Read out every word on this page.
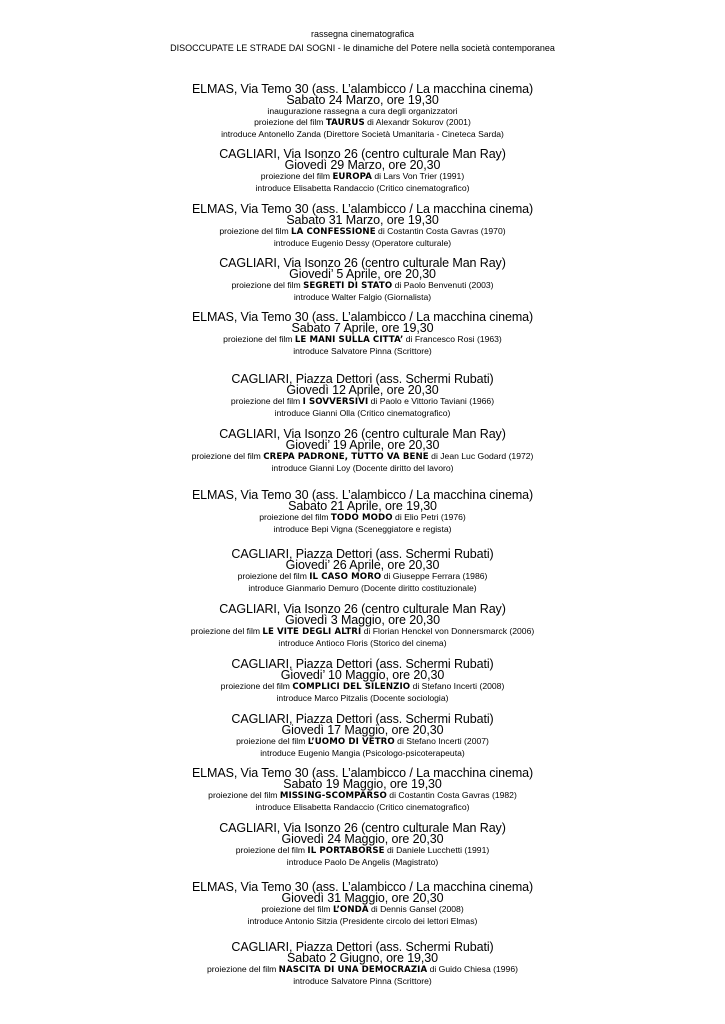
rassegna cinematografica
DISOCCUPATE LE STRADE DAI SOGNI - le dinamiche del Potere nella società contemporanea
ELMAS, Via Temo 30 (ass. L’alambicco / La macchina cinema)
Sabato 24 Marzo, ore 19,30
inaugurazione rassegna a cura degli organizzatori
proiezione del film TAURUS di Alexandr Sokurov (2001)
introduce Antonello Zanda (Direttore Società Umanitaria - Cineteca Sarda)
CAGLIARI, Via Isonzo 26 (centro culturale Man Ray)
Giovedì 29 Marzo, ore 20,30
proiezione del film EUROPA di Lars Von Trier (1991)
introduce Elisabetta Randaccio (Critico cinematografico)
ELMAS, Via Temo 30 (ass. L’alambicco / La macchina cinema)
Sabato 31 Marzo, ore 19,30
proiezione del film LA CONFESSIONE di Costantin Costa Gavras (1970)
introduce Eugenio Dessy (Operatore culturale)
CAGLIARI, Via Isonzo 26 (centro culturale Man Ray)
Giovedi’ 5 Aprile, ore 20,30
proiezione del film SEGRETI DI STATO di Paolo Benvenuti (2003)
introduce Walter Falgio (Giornalista)
ELMAS, Via Temo 30 (ass. L’alambicco / La macchina cinema)
Sabato 7 Aprile, ore 19,30
proiezione del film LE MANI SULLA CITTA’ di Francesco Rosi (1963)
introduce Salvatore Pinna (Scrittore)
CAGLIARI, Piazza Dettori (ass. Schermi Rubati)
Giovedì 12 Aprile, ore 20,30
proiezione del film I SOVVERSIVI di Paolo e Vittorio Taviani (1966)
introduce Gianni Olla (Critico cinematografico)
CAGLIARI, Via Isonzo 26 (centro culturale Man Ray)
Giovedi’ 19 Aprile, ore 20,30
proiezione del film CREPA PADRONE, TUTTO VA BENE di Jean Luc Godard (1972)
introduce Gianni Loy (Docente diritto del lavoro)
ELMAS, Via Temo 30 (ass. L’alambicco / La macchina cinema)
Sabato 21 Aprile, ore 19,30
proiezione del film TODO MODO di Elio Petri (1976)
introduce Bepi Vigna (Sceneggiatore e regista)
CAGLIARI, Piazza Dettori (ass. Schermi Rubati)
Giovedi’ 26 Aprile, ore 20,30
proiezione del film IL CASO MORO di Giuseppe Ferrara (1986)
introduce Gianmario Demuro (Docente diritto costituzionale)
CAGLIARI, Via Isonzo 26 (centro culturale Man Ray)
Giovedì 3 Maggio, ore 20,30
proiezione del film LE VITE DEGLI ALTRI di Florian Henckel von Donnersmarck (2006)
introduce Antioco Floris (Storico del cinema)
CAGLIARI, Piazza Dettori (ass. Schermi Rubati)
Giovedi’ 10 Maggio, ore 20,30
proiezione del film COMPLICI DEL SILENZIO di Stefano Incerti (2008)
introduce Marco Pitzalis (Docente sociologia)
CAGLIARI, Piazza Dettori (ass. Schermi Rubati)
Giovedì 17 Maggio, ore 20,30
proiezione del film L’UOMO DI VETRO di Stefano Incerti (2007)
introduce Eugenio Mangia (Psicologo-psicoterapeuta)
ELMAS, Via Temo 30 (ass. L’alambicco / La macchina cinema)
Sabato 19 Maggio, ore 19,30
proiezione del film MISSING-SCOMPARSO di Costantin Costa Gavras (1982)
introduce Elisabetta Randaccio (Critico cinematografico)
CAGLIARI, Via Isonzo 26 (centro culturale Man Ray)
Giovedì 24 Maggio, ore 20,30
proiezione del film IL PORTABORSE di Daniele Lucchetti (1991)
introduce Paolo De Angelis (Magistrato)
ELMAS, Via Temo 30 (ass. L’alambicco / La macchina cinema)
Giovedì 31 Maggio, ore 20,30
proiezione del film L’ONDA di Dennis Gansel (2008)
introduce Antonio Sitzia (Presidente circolo dei lettori Elmas)
CAGLIARI, Piazza Dettori (ass. Schermi Rubati)
Sabato 2 Giugno, ore 19,30
proiezione del film NASCITA DI UNA DEMOCRAZIA di Guido Chiesa (1996)
introduce Salvatore Pinna (Scrittore)
